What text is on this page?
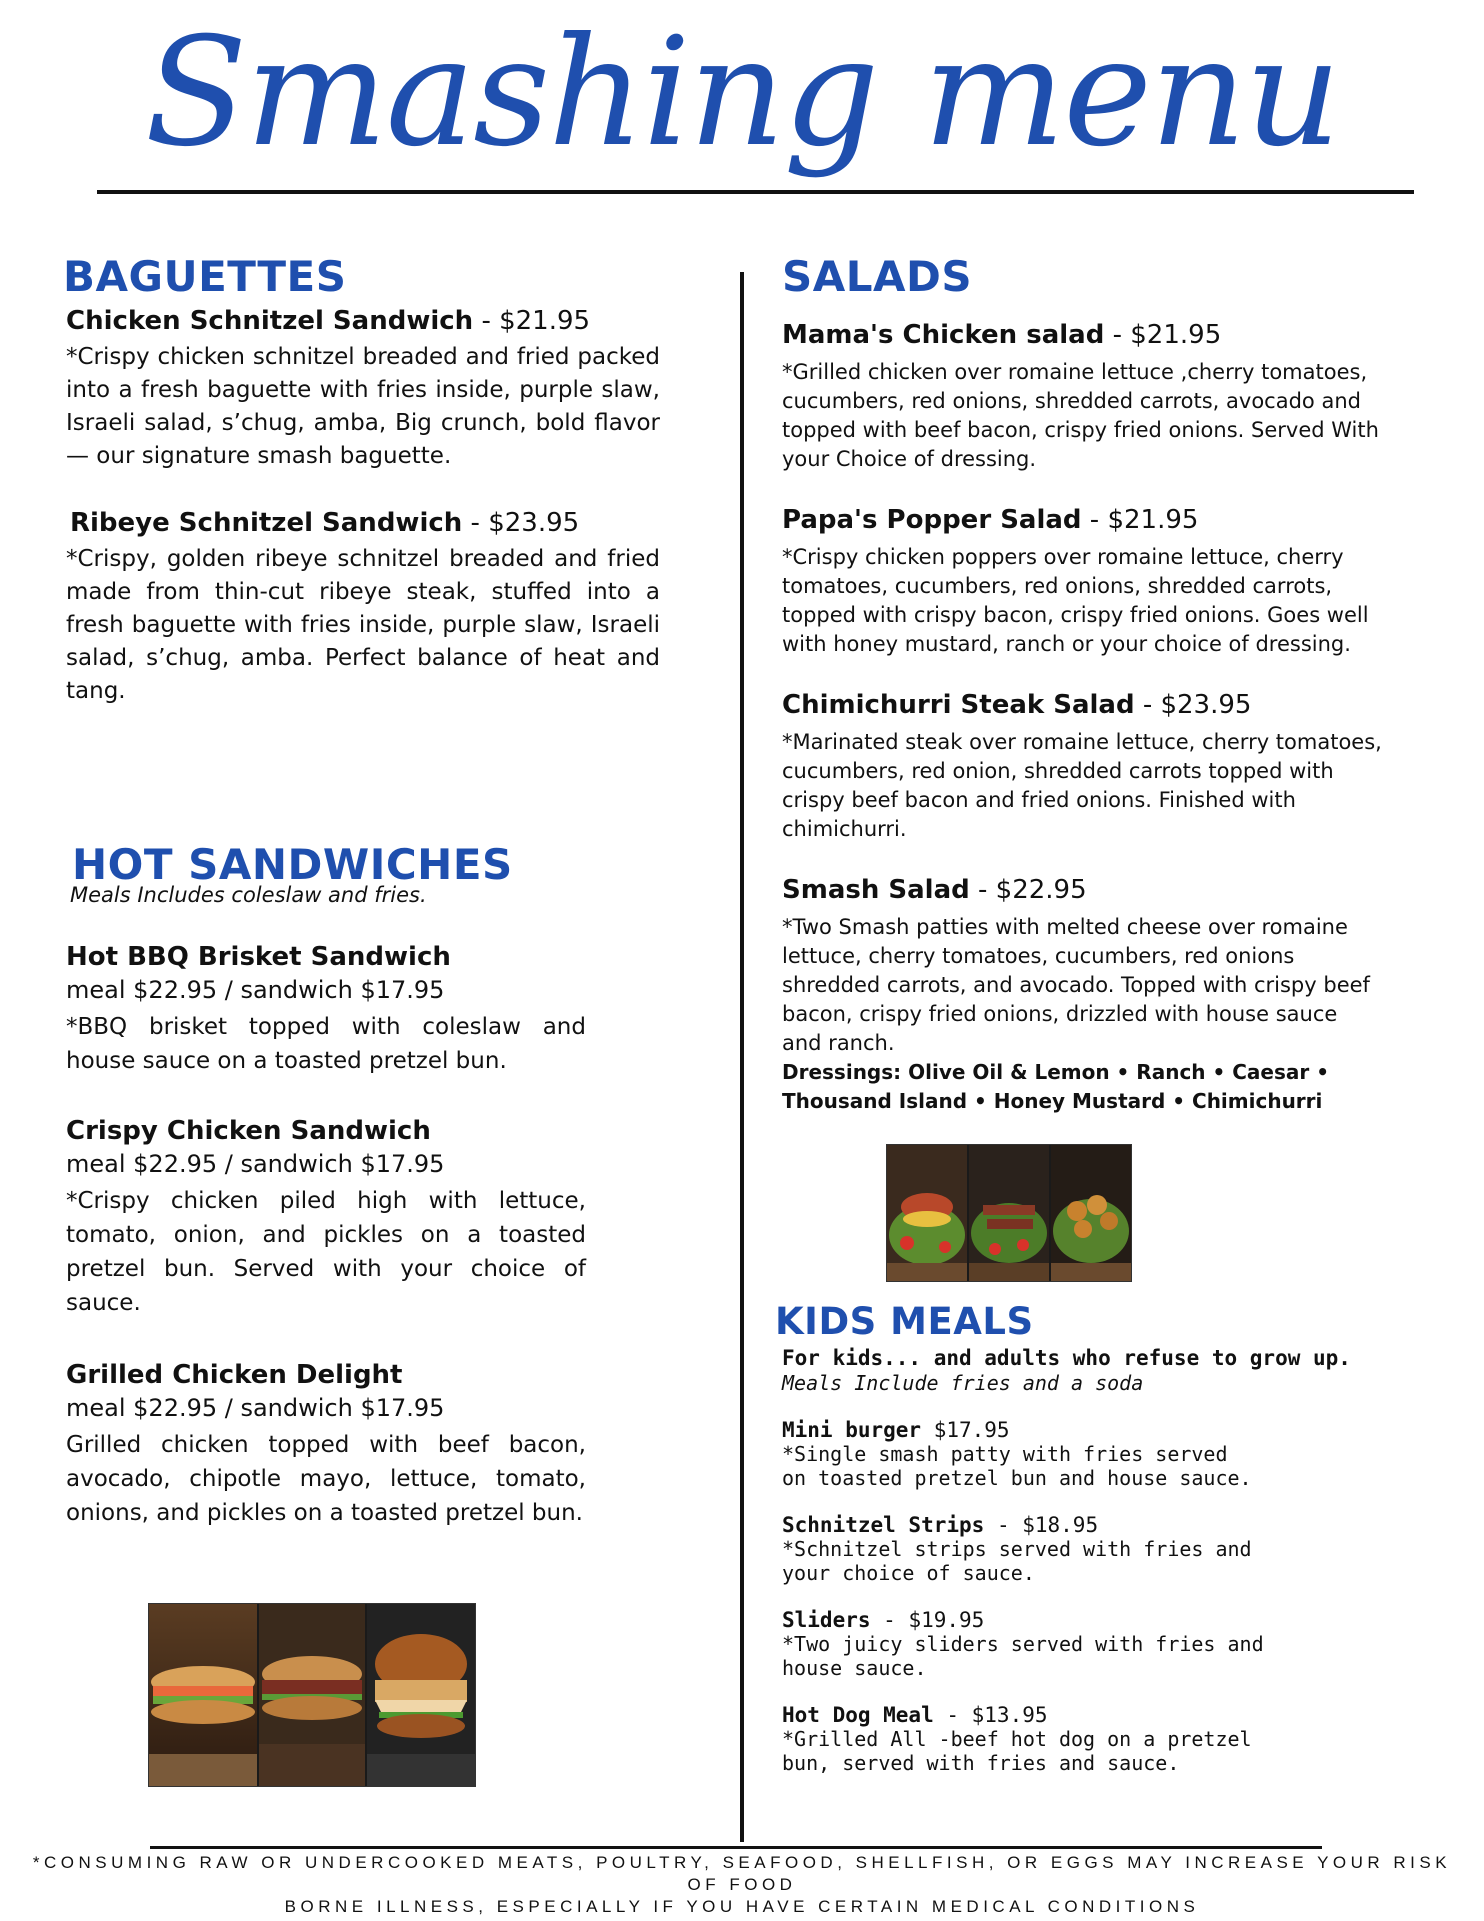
Smashing menu
BAGUETTES
Chicken Schnitzel Sandwich - $21.95
*Crispy chicken schnitzel breaded and fried packed into a fresh baguette with fries inside, purple slaw, Israeli salad, s’chug, amba, Big crunch, bold flavor — our signature smash baguette.
Ribeye Schnitzel Sandwich - $23.95
*Crispy, golden ribeye schnitzel breaded and fried made from thin-cut ribeye steak, stuffed into a fresh baguette with fries inside, purple slaw, Israeli salad, s’chug, amba. Perfect balance of heat and tang.
HOT SANDWICHES
Meals Includes coleslaw and fries.
Hot BBQ Brisket Sandwich
meal $22.95 / sandwich $17.95
*BBQ brisket topped with coleslaw and house sauce on a toasted pretzel bun.
Crispy Chicken Sandwich
meal $22.95 / sandwich $17.95
*Crispy chicken piled high with lettuce, tomato, onion, and pickles on a toasted pretzel bun. Served with your choice of sauce.
Grilled Chicken Delight
meal $22.95 / sandwich $17.95
Grilled chicken topped with beef bacon, avocado, chipotle mayo, lettuce, tomato, onions, and pickles on a toasted pretzel bun.
SALADS
Mama's Chicken salad - $21.95
*Grilled chicken over romaine lettuce ,cherry tomatoes, cucumbers, red onions, shredded carrots, avocado and topped with beef bacon, crispy fried onions. Served With your Choice of dressing.
Papa's Popper Salad - $21.95
*Crispy chicken poppers over romaine lettuce, cherry tomatoes, cucumbers, red onions, shredded carrots, topped with crispy bacon, crispy fried onions. Goes well with honey mustard, ranch or your choice of dressing.
Chimichurri Steak Salad - $23.95
*Marinated steak over romaine lettuce, cherry tomatoes, cucumbers, red onion, shredded carrots topped with crispy beef bacon and fried onions. Finished with chimichurri.
Smash Salad - $22.95
*Two Smash patties with melted cheese over romaine lettuce, cherry tomatoes, cucumbers, red onions shredded carrots, and avocado. Topped with crispy beef bacon, crispy fried onions, drizzled with house sauce and ranch.
Dressings: Olive Oil & Lemon • Ranch • Caesar •
Thousand Island • Honey Mustard • Chimichurri
KIDS MEALS
For kids... and adults who refuse to grow up.
Meals Include fries and a soda
Mini burger $17.95
*Single smash patty with fries served on toasted pretzel bun and house sauce.
Schnitzel Strips - $18.95
*Schnitzel strips served with fries and your choice of sauce.
Sliders - $19.95
*Two juicy sliders served with fries and house sauce.
Hot Dog Meal - $13.95
*Grilled All -beef hot dog on a pretzel bun, served with fries and sauce.
*CONSUMING RAW OR UNDERCOOKED MEATS, POULTRY, SEAFOOD, SHELLFISH, OR EGGS MAY INCREASE YOUR RISK OF FOOD
BORNE ILLNESS, ESPECIALLY IF YOU HAVE CERTAIN MEDICAL CONDITIONS
